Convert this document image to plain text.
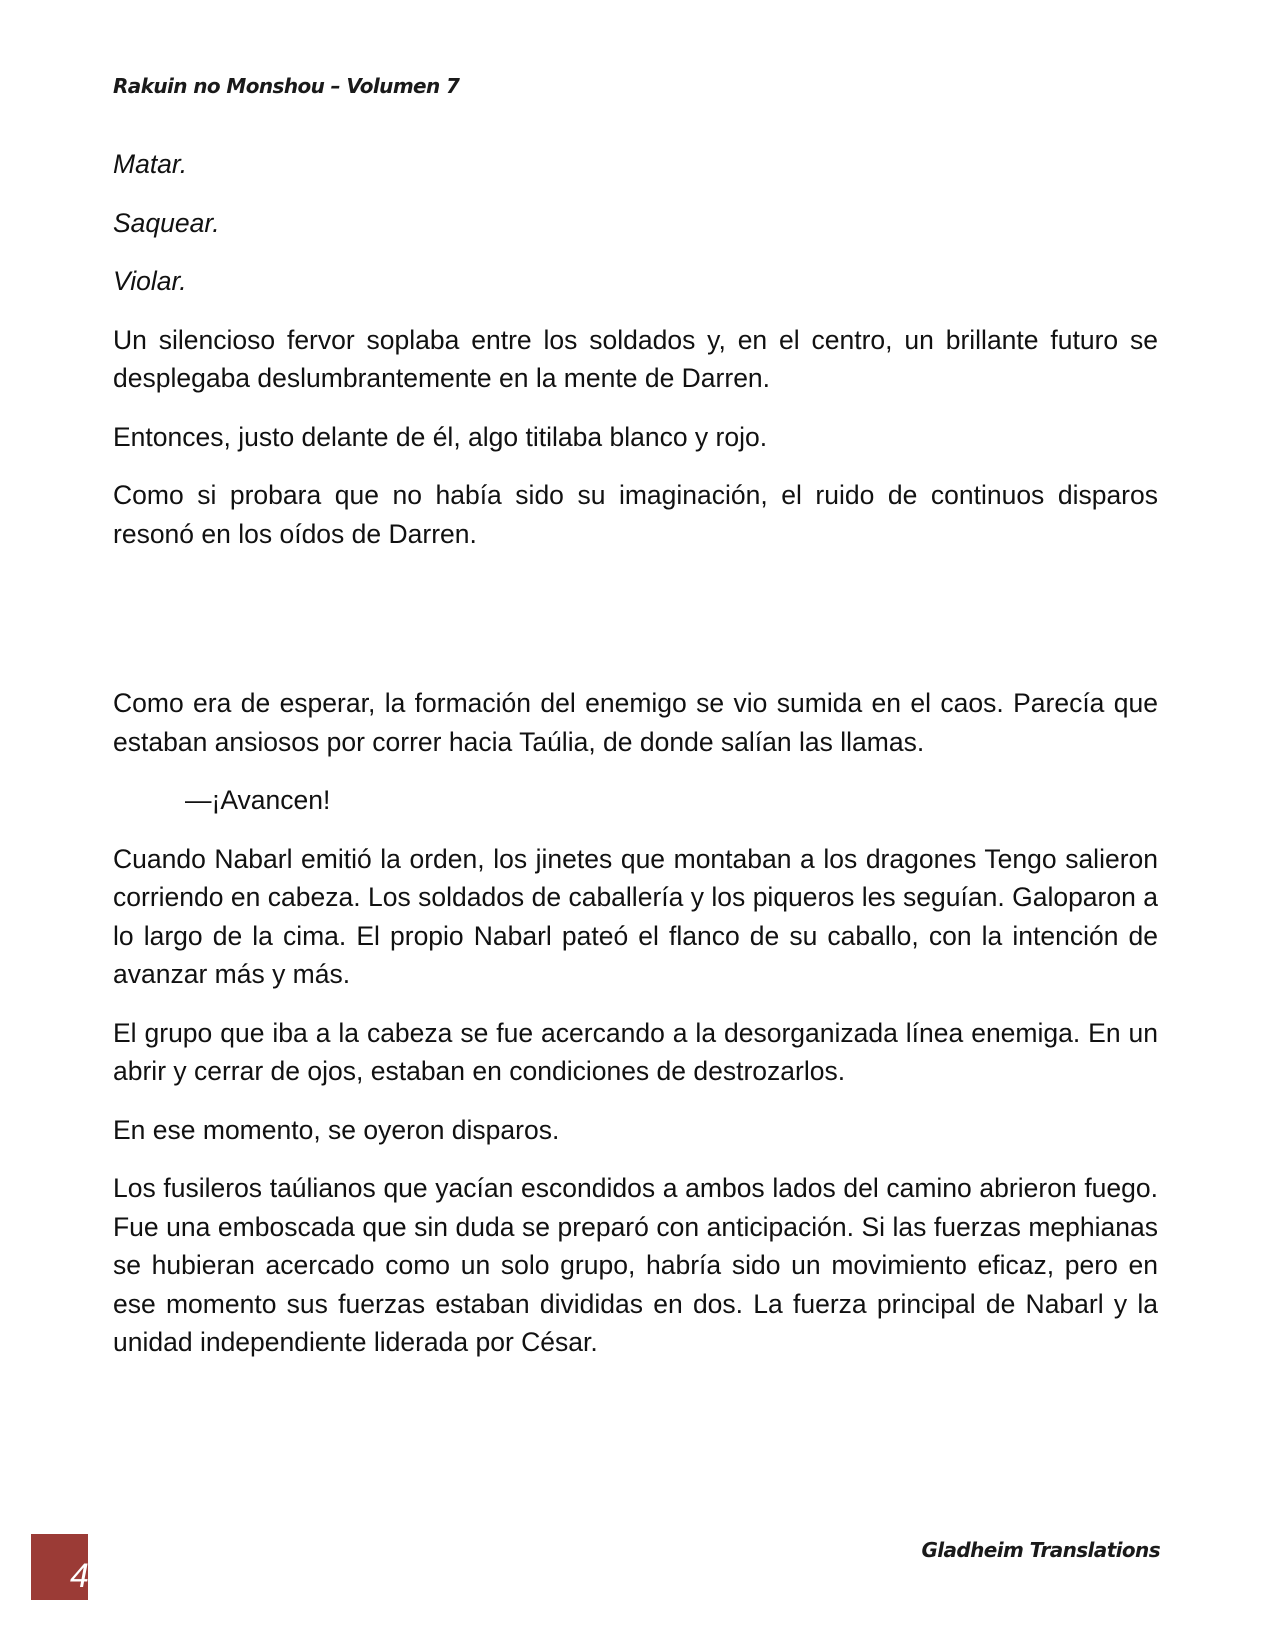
Rakuin no Monshou – Volumen 7

Matar.

Saquear.

Violar.

Un silencioso fervor soplaba entre los soldados y, en el centro, un brillante futuro se desplegaba deslumbrantemente en la mente de Darren.

Entonces, justo delante de él, algo titilaba blanco y rojo.

Como si probara que no había sido su imaginación, el ruido de continuos disparos resonó en los oídos de Darren.

Como era de esperar, la formación del enemigo se vio sumida en el caos. Parecía que estaban ansiosos por correr hacia Taúlia, de donde salían las llamas.

—¡Avancen!

Cuando Nabarl emitió la orden, los jinetes que montaban a los dragones Tengo salieron corriendo en cabeza. Los soldados de caballería y los piqueros les seguían. Galoparon a lo largo de la cima. El propio Nabarl pateó el flanco de su caballo, con la intención de avanzar más y más.

El grupo que iba a la cabeza se fue acercando a la desorganizada línea enemiga. En un abrir y cerrar de ojos, estaban en condiciones de destrozarlos.

En ese momento, se oyeron disparos.

Los fusileros taúlianos que yacían escondidos a ambos lados del camino abrieron fuego. Fue una emboscada que sin duda se preparó con anticipación. Si las fuerzas mephianas se hubieran acercado como un solo grupo, habría sido un movimiento eficaz, pero en ese momento sus fuerzas estaban divididas en dos. La fuerza principal de Nabarl y la unidad independiente liderada por César.

4
Gladheim Translations
